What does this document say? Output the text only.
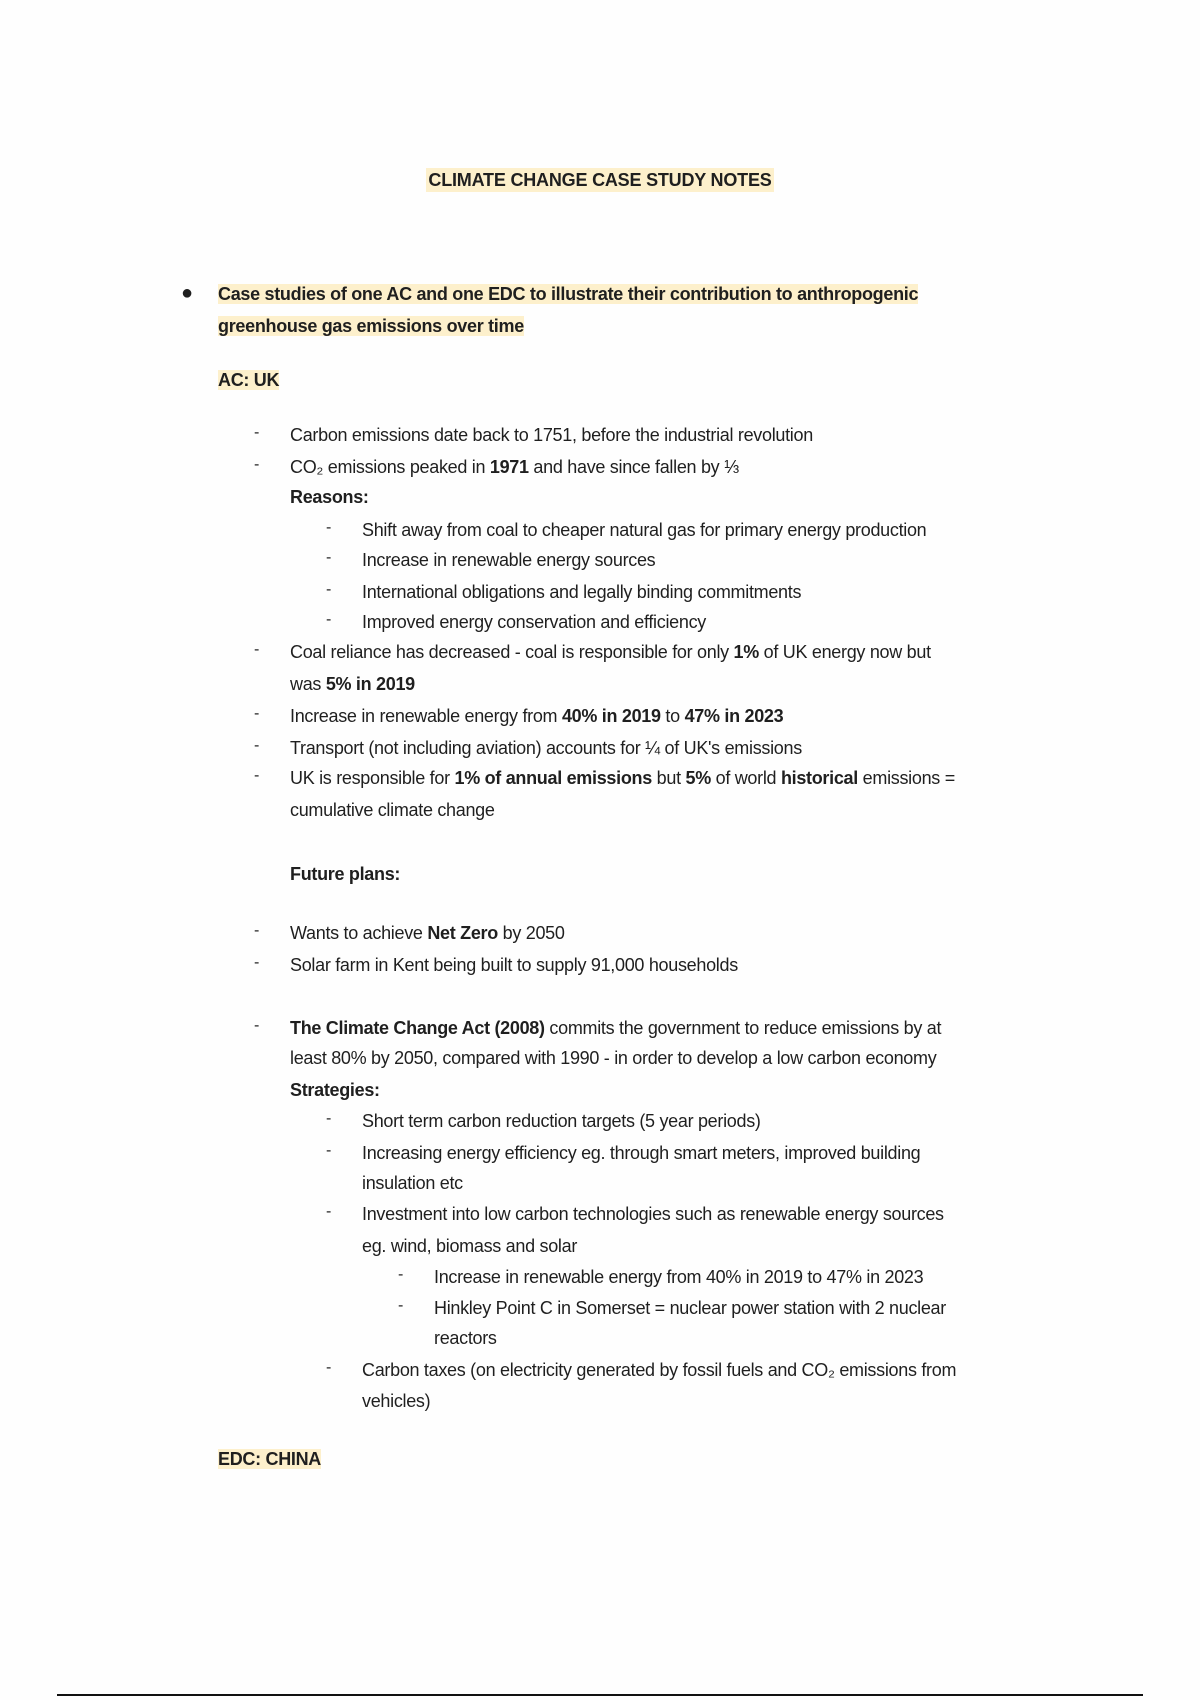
CLIMATE CHANGE CASE STUDY NOTES
●	Case studies of one AC and one EDC to illustrate their contribution to anthropogenic
greenhouse gas emissions over time
AC: UK
- Carbon emissions date back to 1751, before the industrial revolution
- CO₂ emissions peaked in 1971 and have since fallen by ⅓
Reasons:
- Shift away from coal to cheaper natural gas for primary energy production
- Increase in renewable energy sources
- International obligations and legally binding commitments
- Improved energy conservation and efficiency
- Coal reliance has decreased - coal is responsible for only 1% of UK energy now but
was 5% in 2019
- Increase in renewable energy from 40% in 2019 to 47% in 2023
- Transport (not including aviation) accounts for ¼ of UK's emissions
- UK is responsible for 1% of annual emissions but 5% of world historical emissions =
cumulative climate change
Future plans:
- Wants to achieve Net Zero by 2050
- Solar farm in Kent being built to supply 91,000 households
- The Climate Change Act (2008) commits the government to reduce emissions by at
least 80% by 2050, compared with 1990 - in order to develop a low carbon economy
Strategies:
- Short term carbon reduction targets (5 year periods)
- Increasing energy efficiency eg. through smart meters, improved building
insulation etc
- Investment into low carbon technologies such as renewable energy sources
eg. wind, biomass and solar
- Increase in renewable energy from 40% in 2019 to 47% in 2023
- Hinkley Point C in Somerset = nuclear power station with 2 nuclear
reactors
- Carbon taxes (on electricity generated by fossil fuels and CO₂ emissions from
vehicles)
EDC: CHINA
